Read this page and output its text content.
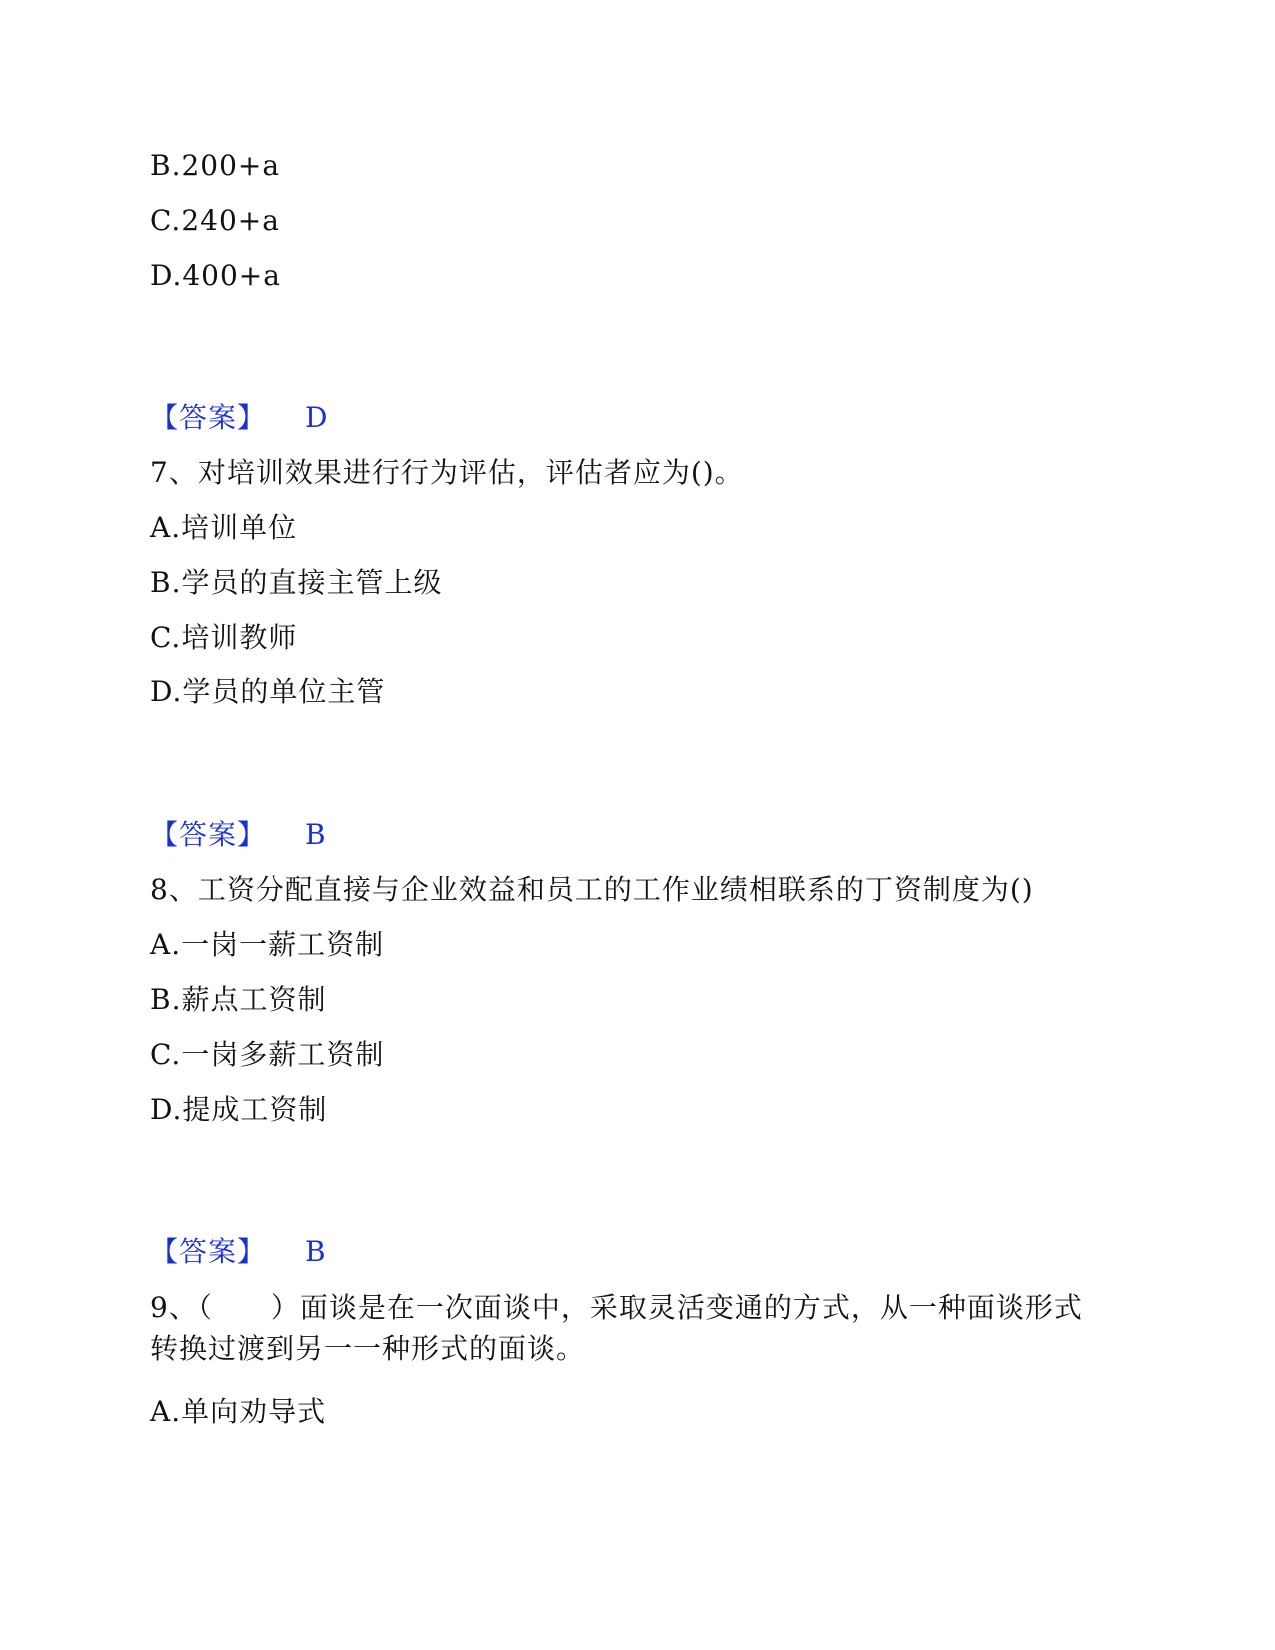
B.200+a
C.240+a
D.400+a
【答案】 D
7、对培训效果进行行为评估，评估者应为()。
A.培训单位
B.学员的直接主管上级
C.培训教师
D.学员的单位主管
【答案】 B
8、工资分配直接与企业效益和员工的工作业绩相联系的丁资制度为()
A.一岗一薪工资制
B.薪点工资制
C.一岗多薪工资制
D.提成工资制
【答案】 B
9、（　　）面谈是在一次面谈中，采取灵活变通的方式，从一种面谈形式
转换过渡到另一一种形式的面谈。
A.单向劝导式
